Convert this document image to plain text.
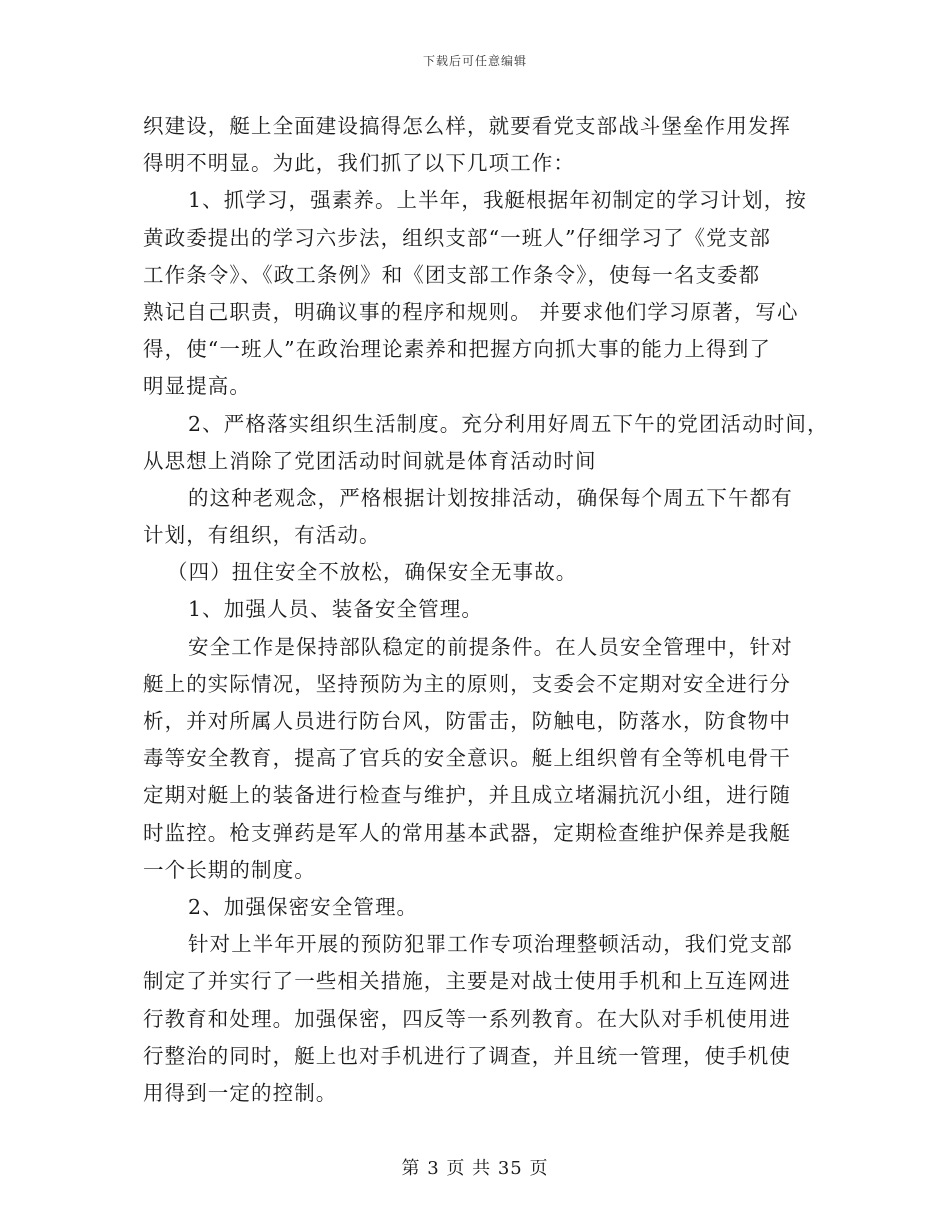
下载后可任意编辑
织建设，艇上全面建设搞得怎么样，就要看党支部战斗堡垒作用发挥
得明不明显。为此，我们抓了以下几项工作：
1、抓学习，强素养。上半年，我艇根据年初制定的学习计划，按
黄政委提出的学习六步法，组织支部“一班人”仔细学习了《党支部
工作条令》、《政工条例》和《团支部工作条令》，使每一名支委都
熟记自己职责，明确议事的程序和规则。 并要求他们学习原著，写心
得，使“一班人”在政治理论素养和把握方向抓大事的能力上得到了
明显提高。
2、严格落实组织生活制度。充分利用好周五下午的党团活动时间，
从思想上消除了党团活动时间就是体育活动时间
的这种老观念，严格根据计划按排活动，确保每个周五下午都有
计划，有组织，有活动。
（四）扭住安全不放松，确保安全无事故。
1、加强人员、装备安全管理。
安全工作是保持部队稳定的前提条件。在人员安全管理中，针对
艇上的实际情况，坚持预防为主的原则，支委会不定期对安全进行分
析，并对所属人员进行防台风，防雷击，防触电，防落水，防食物中
毒等安全教育，提高了官兵的安全意识。艇上组织曾有全等机电骨干
定期对艇上的装备进行检查与维护，并且成立堵漏抗沉小组，进行随
时监控。枪支弹药是军人的常用基本武器，定期检查维护保养是我艇
一个长期的制度。
2、加强保密安全管理。
针对上半年开展的预防犯罪工作专项治理整顿活动，我们党支部
制定了并实行了一些相关措施，主要是对战士使用手机和上互连网进
行教育和处理。加强保密，四反等一系列教育。在大队对手机使用进
行整治的同时，艇上也对手机进行了调查，并且统一管理，使手机使
用得到一定的控制。
第 3 页 共 35 页
